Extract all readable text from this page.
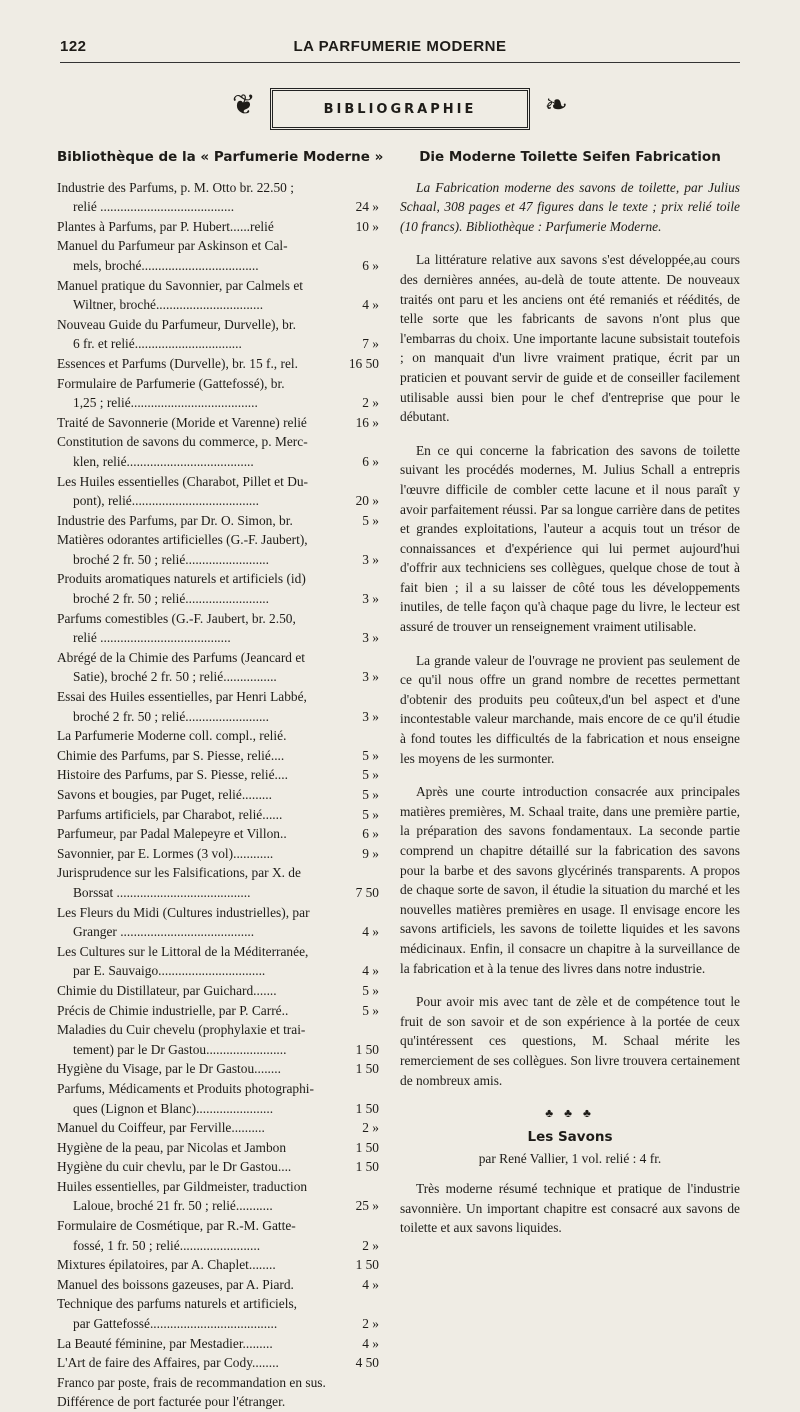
122	LA PARFUMERIE MODERNE
❦	BIBLIOGRAPHIE	❧
Bibliothèque de la « Parfumerie Moderne »
Industrie des Parfums, p. M. Otto br. 22.50 ;
relié ........................................	24 »
Plantes à Parfums, par P. Hubert......relié	10 »
Manuel du Parfumeur par Askinson et Cal-
mels, broché...................................	6 »
Manuel pratique du Savonnier, par Calmels et
Wiltner, broché................................	4 »
Nouveau Guide du Parfumeur, Durvelle), br.
6 fr. et relié................................	7 »
Essences et Parfums (Durvelle), br. 15 f., rel.	16 50
Formulaire de Parfumerie (Gattefossé), br.
1,25 ; relié......................................	2 »
Traité de Savonnerie (Moride et Varenne) relié	16 »
Constitution de savons du commerce, p. Merc-
klen, relié......................................	6 »
Les Huiles essentielles (Charabot, Pillet et Du-
pont), relié......................................	20 »
Industrie des Parfums, par Dr. O. Simon, br.	5 »
Matières odorantes artificielles (G.-F. Jaubert),
broché 2 fr. 50 ; relié.........................	3 »
Produits aromatiques naturels et artificiels (id)
broché 2 fr. 50 ; relié.........................	3 »
Parfums comestibles (G.-F. Jaubert, br. 2.50,
relié .......................................	3 »
Abrégé de la Chimie des Parfums (Jeancard et
Satie), broché 2 fr. 50 ; relié................	3 »
Essai des Huiles essentielles, par Henri Labbé,
broché 2 fr. 50 ; relié.........................	3 »
La Parfumerie Moderne coll. compl., relié.
Chimie des Parfums, par S. Piesse, relié....	5 »
Histoire des Parfums, par S. Piesse, relié....	5 »
Savons et bougies, par Puget, relié.........	5 »
Parfums artificiels, par Charabot, relié......	5 »
Parfumeur, par Padal Malepeyre et Villon..	6 »
Savonnier, par E. Lormes (3 vol)............	9 »
Jurisprudence sur les Falsifications, par X. de
Borssat ........................................	7 50
Les Fleurs du Midi (Cultures industrielles), par
Granger ........................................	4 »
Les Cultures sur le Littoral de la Méditerranée,
par E. Sauvaigo................................	4 »
Chimie du Distillateur, par Guichard.......	5 »
Précis de Chimie industrielle, par P. Carré..	5 »
Maladies du Cuir chevelu (prophylaxie et trai-
tement) par le Dr Gastou........................	1 50
Hygiène du Visage, par le Dr Gastou........	1 50
Parfums, Médicaments et Produits photographi-
ques (Lignon et Blanc).......................	1 50
Manuel du Coiffeur, par Ferville..........	2 »
Hygiène de la peau, par Nicolas et Jambon	1 50
Hygiène du cuir chevlu, par le Dr Gastou....	1 50
Huiles essentielles, par Gildmeister, traduction
Laloue, broché 21 fr. 50 ; relié...........	25 »
Formulaire de Cosmétique, par R.-M. Gatte-
fossé, 1 fr. 50 ; relié........................	2 »
Mixtures épilatoires, par A. Chaplet........	1 50
Manuel des boissons gazeuses, par A. Piard.	4 »
Technique des parfums naturels et artificiels,
par Gattefossé......................................	2 »
La Beauté féminine, par Mestadier.........	4 »
L'Art de faire des Affaires, par Cody........	4 50
Franco par poste, frais de recommandation en sus.
Différence de port facturée pour l'étranger.
Die Moderne Toilette Seifen Fabrication

La Fabrication moderne des savons de toilette, par Julius Schaal, 308 pages et 47 figures dans le texte ; prix relié toile (10 francs). Bibliothèque : Parfumerie Moderne.

La littérature relative aux savons s'est développée,au cours des dernières années, au-delà de toute attente. De nouveaux traités ont paru et les anciens ont été remaniés et réédités, de telle sorte que les fabricants de savons n'ont plus que l'embarras du choix. Une importante lacune subsistait toutefois ; on manquait d'un livre vraiment pratique, écrit par un praticien et pouvant servir de guide et de conseiller facilement utilisable aussi bien pour le chef d'entreprise que pour le débutant.

En ce qui concerne la fabrication des savons de toilette suivant les procédés modernes, M. Julius Schall a entrepris l'œuvre difficile de combler cette lacune et il nous paraît y avoir parfaitement réussi. Par sa longue carrière dans de petites et grandes exploitations, l'auteur a acquis tout un trésor de connaissances et d'expérience qui lui permet aujourd'hui d'offrir aux techniciens ses collègues, quelque chose de tout à fait bien ; il a su laisser de côté tous les développements inutiles, de telle façon qu'à chaque page du livre, le lecteur est assuré de trouver un renseignement vraiment utilisable.

La grande valeur de l'ouvrage ne provient pas seulement de ce qu'il nous offre un grand nombre de recettes permettant d'obtenir des produits peu coûteux,d'un bel aspect et d'une incontestable valeur marchande, mais encore de ce qu'il étudie à fond toutes les difficultés de la fabrication et nous enseigne les moyens de les surmonter.

Après une courte introduction consacrée aux principales matières premières, M. Schaal traite, dans une première partie, la préparation des savons fondamentaux. La seconde partie comprend un chapitre détaillé sur la fabrication des savons pour la barbe et des savons glycérinés transparents. A propos de chaque sorte de savon, il étudie la situation du marché et les nouvelles matières premières en usage. Il envisage encore les savons artificiels, les savons de toilette liquides et les savons médicinaux. Enfin, il consacre un chapitre à la surveillance de la fabrication et à la tenue des livres dans notre industrie.

Pour avoir mis avec tant de zèle et de compétence tout le fruit de son savoir et de son expérience à la portée de ceux qu'intéressent ces questions, M. Schaal mérite les remerciement de ses collègues. Son livre trouvera certainement de nombreux amis.

♣ ♣ ♣
Les Savons
par René Vallier, 1 vol. relié : 4 fr.

Très moderne résumé technique et pratique de l'industrie savonnière. Un important chapitre est consacré aux savons de toilette et aux savons liquides.
